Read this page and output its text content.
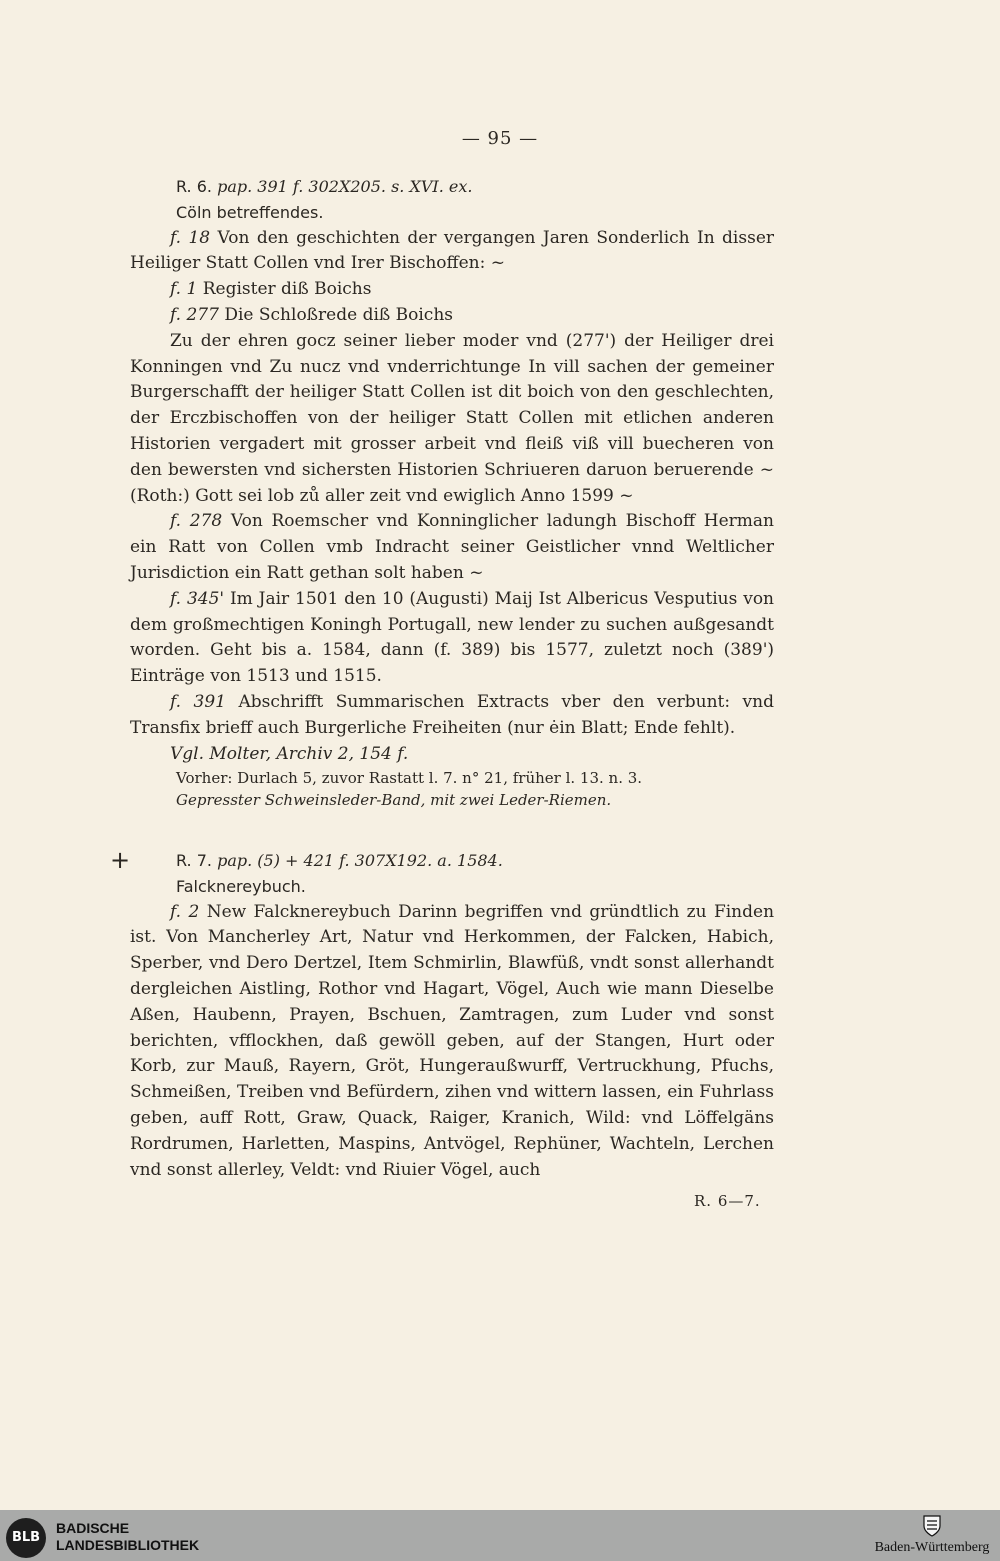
— 95 —

R. 6. pap. 391 f. 302X205. s. XVI. ex.

Cöln betreffendes.

f. 18 Von den geschichten der vergangen Jaren Sonderlich In disser Heiliger Statt Collen vnd Irer Bischoffen: ~

f. 1 Register diß Boichs

f. 277 Die Schloßrede diß Boichs

Zu der ehren gocz seiner lieber moder vnd (277') der Heiliger drei Konningen vnd Zu nucz vnd vnderrichtunge In vill sachen der gemeiner Burgerschafft der heiliger Statt Collen ist dit boich von den geschlechten, der Erczbischoffen von der heiliger Statt Collen mit etlichen anderen Historien vergadert mit grosser arbeit vnd fleiß viß vill buecheren von den bewersten vnd sichersten Historien Schriueren daruon beruerende ~ (Roth:) Gott sei lob zů aller zeit vnd ewiglich Anno 1599 ~

f. 278 Von Roemscher vnd Konninglicher ladungh Bischoff Herman ein Ratt von Collen vmb Indracht seiner Geistlicher vnnd Weltlicher Jurisdiction ein Ratt gethan solt haben ~

f. 345' Im Jair 1501 den 10 (Augusti) Maij Ist Albericus Vesputius von dem großmechtigen Koningh Portugall, new lender zu suchen außgesandt worden. Geht bis a. 1584, dann (f. 389) bis 1577, zuletzt noch (389') Einträge von 1513 und 1515.

f. 391 Abschrifft Summarischen Extracts vber den verbunt: vnd Transfix brieff auch Burgerliche Freiheiten (nur ėin Blatt; Ende fehlt).

Vgl. Molter, Archiv 2, 154 f.

Vorher: Durlach 5, zuvor Rastatt l. 7. n° 21, früher l. 13. n. 3.

Gepresster Schweinsleder-Band, mit zwei Leder-Riemen.

+	R. 7. pap. (5) + 421 f. 307X192. a. 1584.

Falcknereybuch.

f. 2 New Falcknereybuch Darinn begriffen vnd gründtlich zu Finden ist. Von Mancherley Art, Natur vnd Herkommen, der Falcken, Habich, Sperber, vnd Dero Dertzel, Item Schmirlin, Blawfüß, vndt sonst allerhandt dergleichen Aistling, Rothor vnd Hagart, Vögel, Auch wie mann Dieselbe Aßen, Haubenn, Prayen, Bschuen, Zamtragen, zum Luder vnd sonst berichten, vfflockhen, daß gewöll geben, auf der Stangen, Hurt oder Korb, zur Mauß, Rayern, Gröt, Hungeraußwurff, Vertruckhung, Pfuchs, Schmeißen, Treiben vnd Befürdern, zihen vnd wittern lassen, ein Fuhrlass geben, auff Rott, Graw, Quack, Raiger, Kranich, Wild: vnd Löffelgäns Rordrumen, Harletten, Maspins, Antvögel, Rephüner, Wachteln, Lerchen vnd sonst allerley, Veldt: vnd Riuier Vögel, auch

R. 6—7.
BLB
BADISCHE
LANDESBIBLIOTHEK	Baden-Württemberg
